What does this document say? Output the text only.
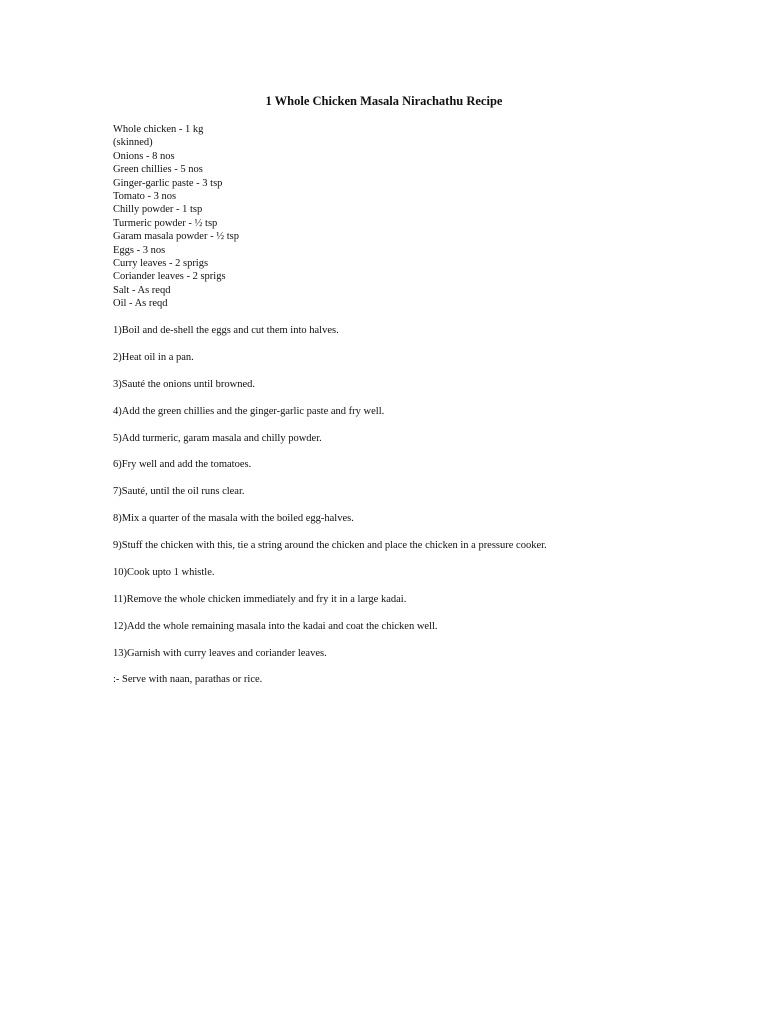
1 Whole Chicken Masala Nirachathu Recipe
Whole chicken - 1 kg
(skinned)
Onions - 8 nos
Green chillies - 5 nos
Ginger-garlic paste - 3 tsp
Tomato - 3 nos
Chilly powder - 1 tsp
Turmeric powder - ½ tsp
Garam masala powder - ½ tsp
Eggs - 3 nos
Curry leaves - 2 sprigs
Coriander leaves - 2 sprigs
Salt - As reqd
Oil - As reqd
1)Boil and de-shell the eggs and cut them into halves.
2)Heat oil in a pan.
3)Sauté the onions until browned.
4)Add the green chillies and the ginger-garlic paste and fry well.
5)Add turmeric, garam masala and chilly powder.
6)Fry well and add the tomatoes.
7)Sauté, until the oil runs clear.
8)Mix a quarter of the masala with the boiled egg-halves.
9)Stuff the chicken with this, tie a string around the chicken and place the chicken in a pressure cooker.
10)Cook upto 1 whistle.
11)Remove the whole chicken immediately and fry it in a large kadai.
12)Add the whole remaining masala into the kadai and coat the chicken well.
13)Garnish with curry leaves and coriander leaves.
:- Serve with naan, parathas or rice.
